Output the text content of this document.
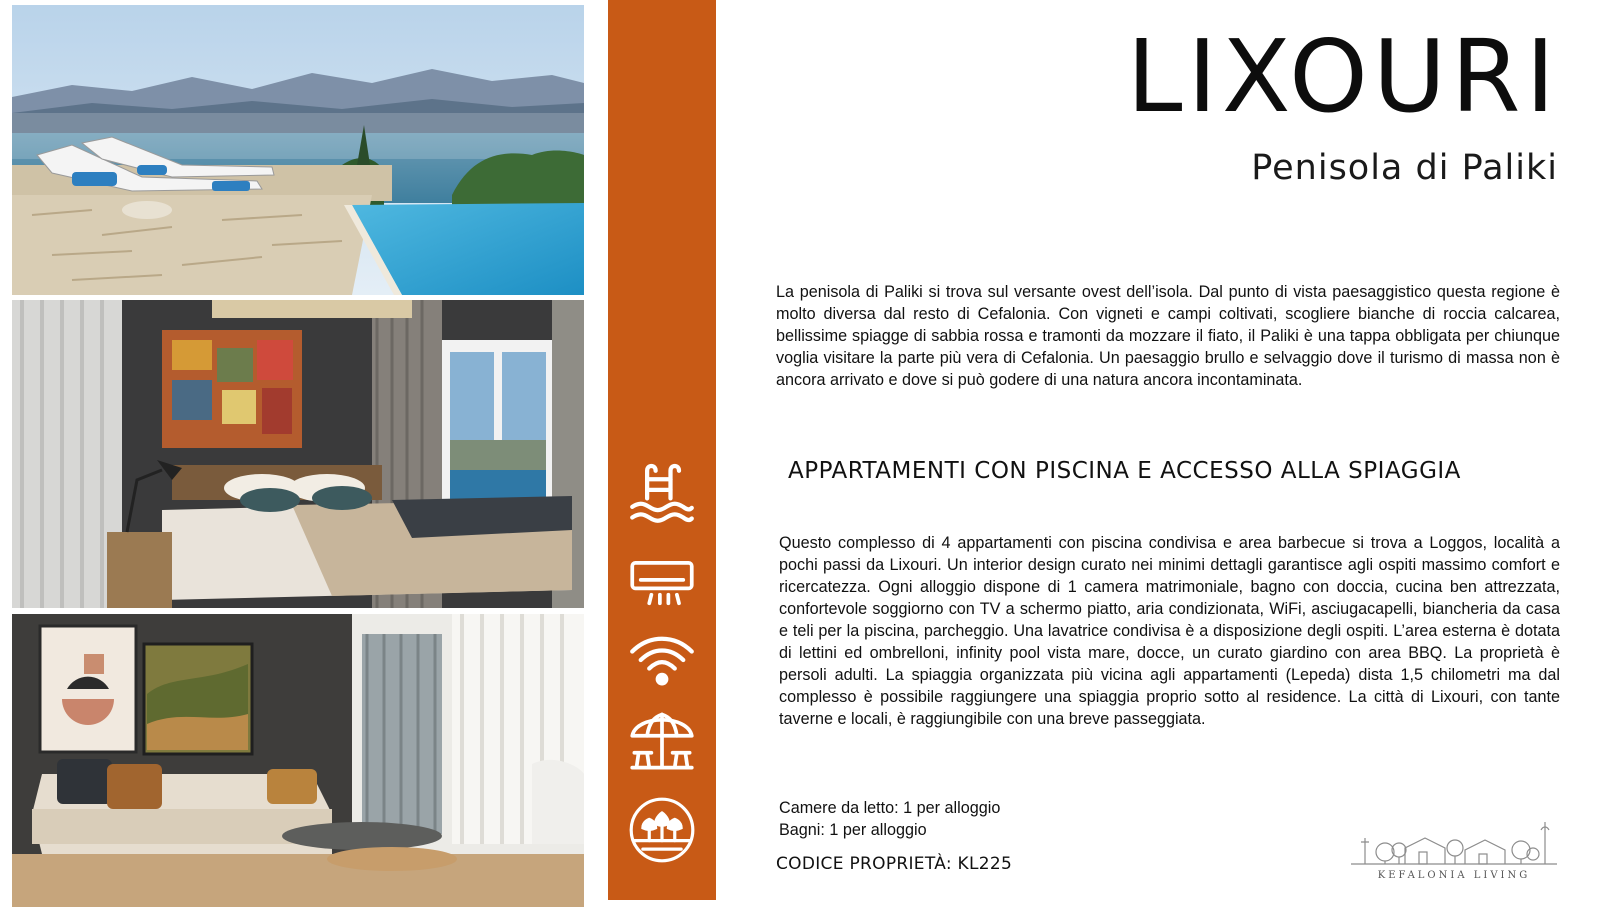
LIXOURI
Penisola di Paliki

La penisola di Paliki si trova sul versante ovest dell’isola. Dal punto di vista paesaggistico questa regione è molto diversa dal resto di Cefalonia. Con vigneti e campi coltivati, scogliere bianche di roccia calcarea, bellissime spiagge di sabbia rossa e tramonti da mozzare il fiato, il Paliki è una tappa obbligata per chiunque voglia visitare la parte più vera di Cefalonia. Un paesaggio brullo e selvaggio dove il turismo di massa non è ancora arrivato e dove si può godere di una natura ancora incontaminata.

APPARTAMENTI CON PISCINA E ACCESSO ALLA SPIAGGIA

Questo complesso di 4 appartamenti con piscina condivisa e area barbecue si trova a Loggos, località a pochi passi da Lixouri. Un interior design curato nei minimi dettagli garantisce agli ospiti massimo comfort e ricercatezza. Ogni alloggio dispone di 1 camera matrimoniale, bagno con doccia, cucina ben attrezzata, confortevole soggiorno con TV a schermo piatto, aria condizionata, WiFi, asciugacapelli, biancheria da casa e teli per la piscina, parcheggio. Una lavatrice condivisa è a disposizione degli ospiti. L’area esterna è dotata di lettini ed ombrelloni, infinity pool vista mare, docce, un curato giardino con area BBQ. La proprietà è persoli adulti. La spiaggia organizzata più vicina agli appartamenti (Lepeda) dista 1,5 chilometri ma dal complesso è possibile raggiungere una spiaggia proprio sotto al residence. La città di Lixouri, con tante taverne e locali, è raggiungibile con una breve passeggiata.

Camere da letto: 1 per alloggio
Bagni: 1 per alloggio
CODICE PROPRIETÀ: KL225
KEFALONIA LIVING
